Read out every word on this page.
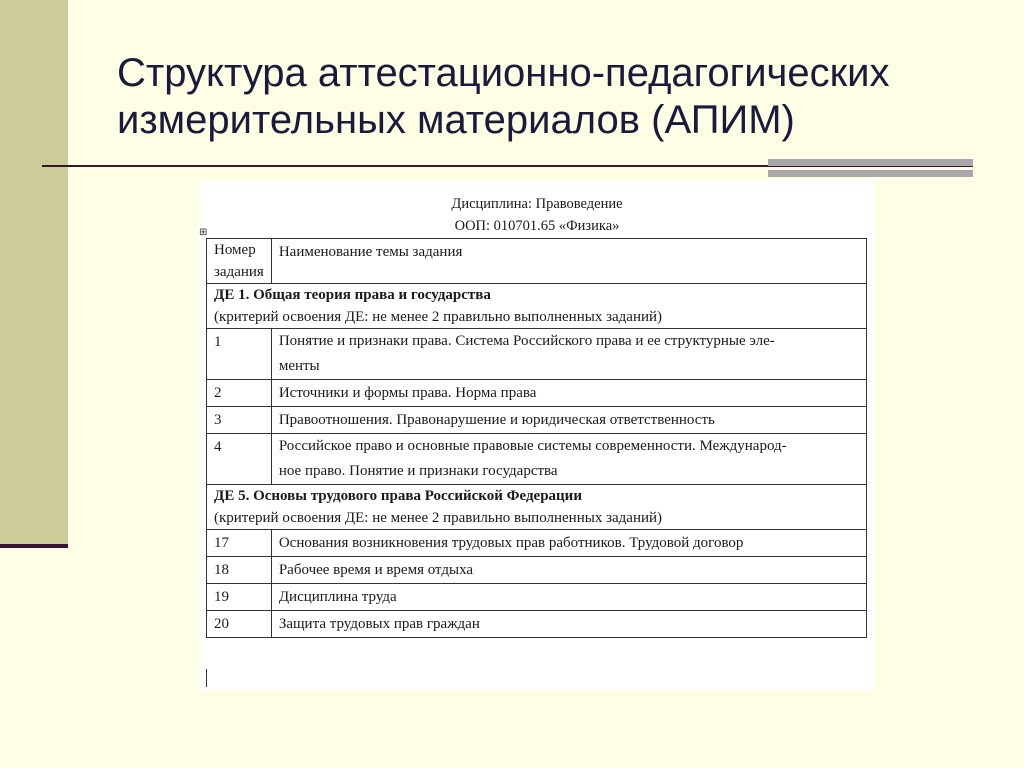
Структура аттестационно-педагогических
измерительных материалов (АПИМ)
Дисциплина: Правоведение
ООП: 010701.65 «Физика»
⊞
Номер
задания	Наименование темы задания

ДЕ 1. Общая теория права и государства
(критерий освоения ДЕ: не менее 2 правильно выполненных заданий)	

1	Понятие и признаки права. Система Российского права и ее структурные эле-
менты

2	Источники и формы права. Норма права

3	Правоотношения. Правонарушение и юридическая ответственность

4	Российское право и основные правовые системы современности. Международ-
ное право. Понятие и признаки государства

ДЕ 5. Основы трудового права Российской Федерации
(критерий освоения ДЕ: не менее 2 правильно выполненных заданий)	

17	Основания возникновения трудовых прав работников. Трудовой договор

18	Рабочее время и время отдыха

19	Дисциплина труда

20	Защита трудовых прав граждан
